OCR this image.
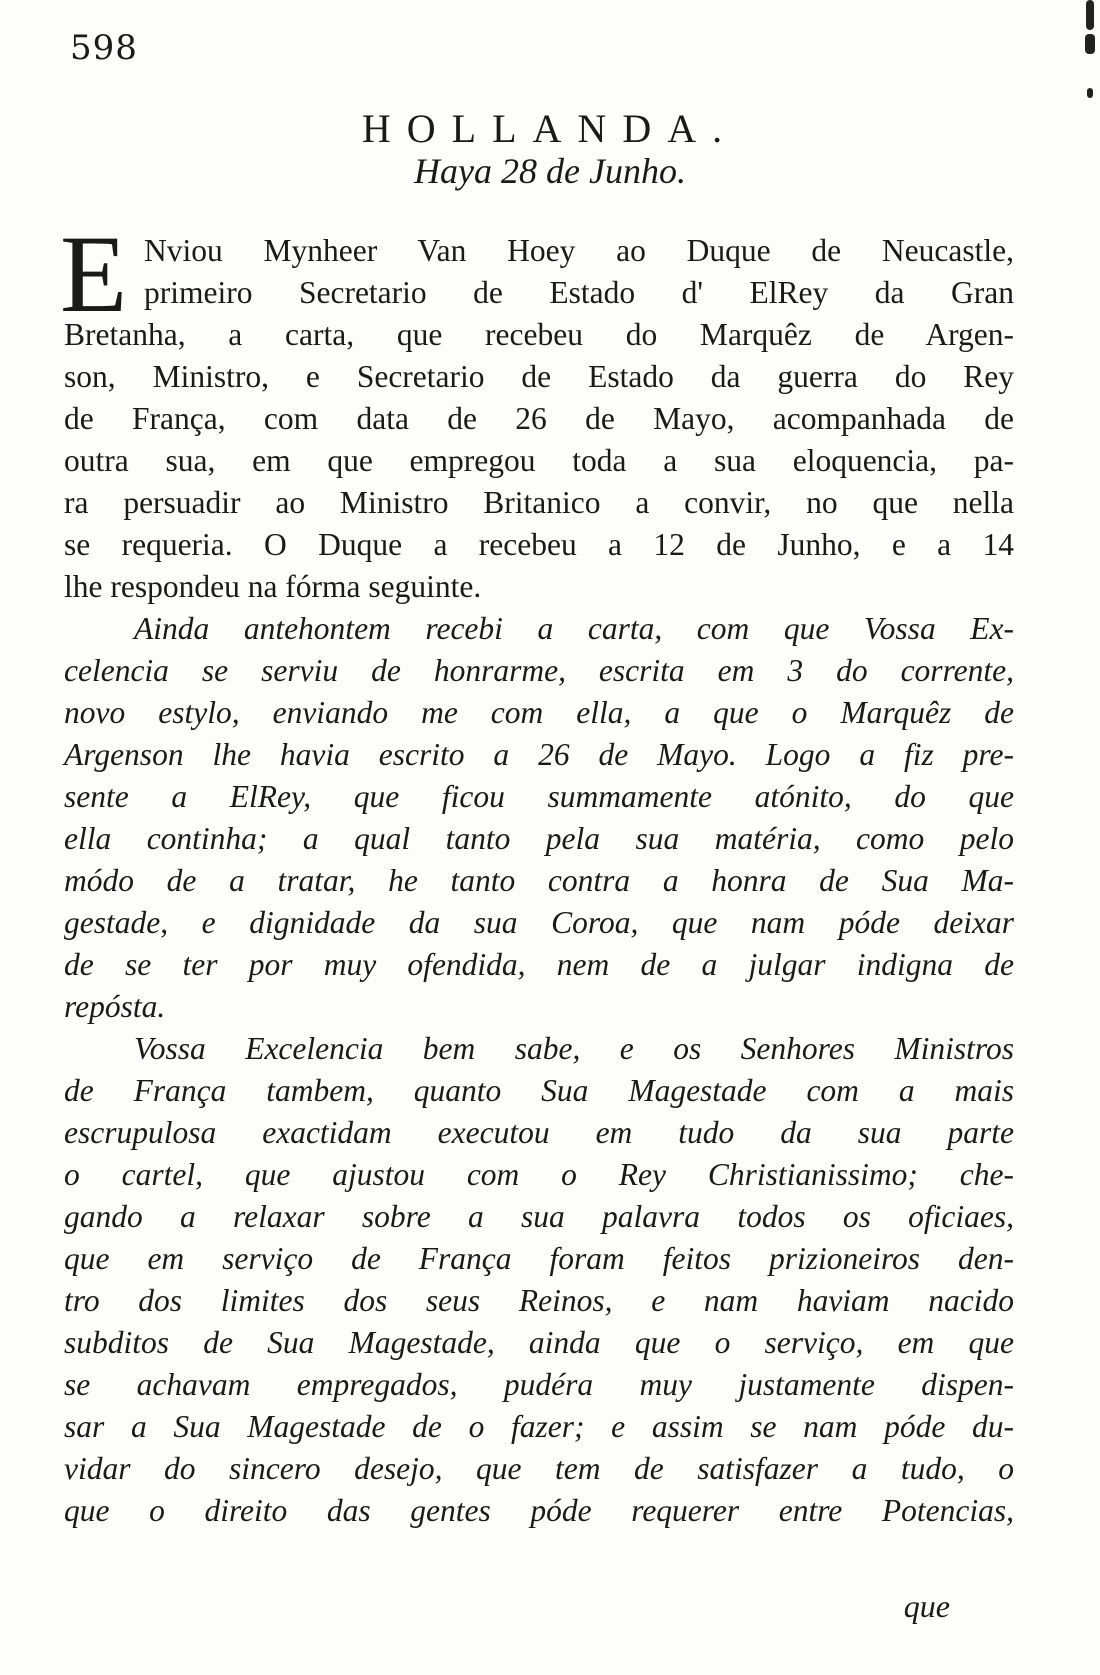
598
HOLLANDA.
Haya 28 de Junho.
E Nviou Mynheer Van Hoey ao Duque de Neucastle,
primeiro Secretario de Estado d' ElRey da Gran
Bretanha, a carta, que recebeu do Marquêz de Argen-
son, Ministro, e Secretario de Estado da guerra do Rey
de França, com data de 26 de Mayo, acompanhada de
outra sua, em que empregou toda a sua eloquencia, pa-
ra persuadir ao Ministro Britanico a convir, no que nella
se requeria. O Duque a recebeu a 12 de Junho, e a 14
lhe respondeu na fórma seguinte.
Ainda antehontem recebi a carta, com que Vossa Ex-
celencia se serviu de honrarme, escrita em 3 do corrente,
novo estylo, enviando me com ella, a que o Marquêz de
Argenson lhe havia escrito a 26 de Mayo. Logo a fiz pre-
sente a ElRey, que ficou summamente atónito, do que
ella continha; a qual tanto pela sua matéria, como pelo
módo de a tratar, he tanto contra a honra de Sua Ma-
gestade, e dignidade da sua Coroa, que nam póde deixar
de se ter por muy ofendida, nem de a julgar indigna de
repósta.
Vossa Excelencia bem sabe, e os Senhores Ministros
de França tambem, quanto Sua Magestade com a mais
escrupulosa exactidam executou em tudo da sua parte
o cartel, que ajustou com o Rey Christianissimo; che-
gando a relaxar sobre a sua palavra todos os oficiaes,
que em serviço de França foram feitos prizioneiros den-
tro dos limites dos seus Reinos, e nam haviam nacido
subditos de Sua Magestade, ainda que o serviço, em que
se achavam empregados, pudéra muy justamente dispen-
sar a Sua Magestade de o fazer; e assim se nam póde du-
vidar do sincero desejo, que tem de satisfazer a tudo, o
que o direito das gentes póde requerer entre Potencias,
que
